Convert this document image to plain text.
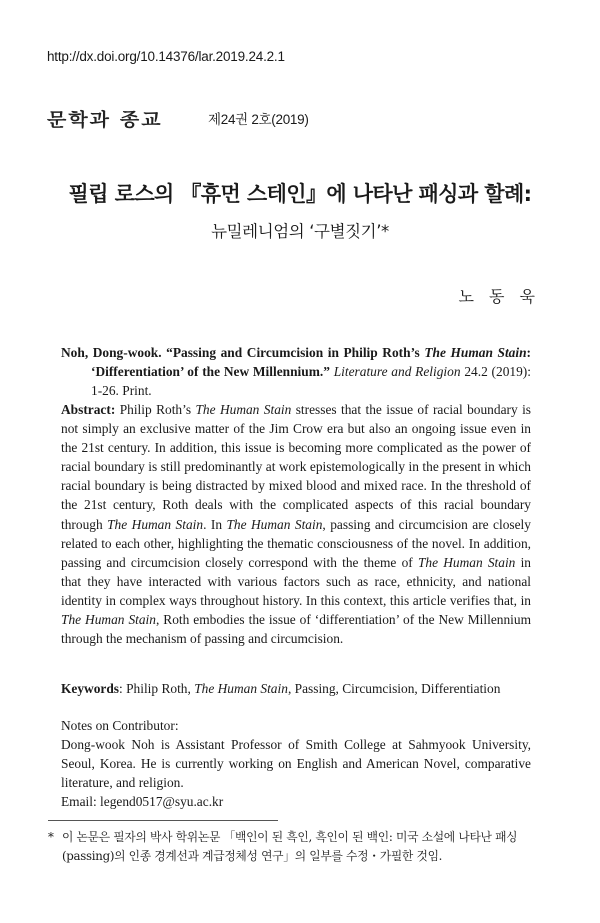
http://dx.doi.org/10.14376/lar.2019.24.2.1
문학과 종교	제24권 2호(2019)
필립 로스의 『휴먼 스테인』에 나타난 패싱과 할례:
뉴밀레니엄의 ‘구별짓기’*
노 동 욱
Noh, Dong-wook. “Passing and Circumcision in Philip Roth’s The Human Stain: ‘Differentiation’ of the New Millennium.” Literature and Religion 24.2 (2019): 1-26. Print.
Abstract: Philip Roth’s The Human Stain stresses that the issue of racial boundary is not simply an exclusive matter of the Jim Crow era but also an ongoing issue even in the 21st century. In addition, this issue is becoming more complicated as the power of racial boundary is still predominantly at work epistemologically in the present in which racial boundary is being distracted by mixed blood and mixed race. In the threshold of the 21st century, Roth deals with the complicated aspects of this racial boundary through The Human Stain. In The Human Stain, passing and circumcision are closely related to each other, highlighting the thematic consciousness of the novel. In addition, passing and circumcision closely correspond with the theme of The Human Stain in that they have interacted with various factors such as race, ethnicity, and national identity in complex ways throughout history. In this context, this article verifies that, in The Human Stain, Roth embodies the issue of ‘differentiation’ of the New Millennium through the mechanism of passing and circumcision.
Keywords: Philip Roth, The Human Stain, Passing, Circumcision, Differentiation

Notes on Contributor:

Dong-wook Noh is Assistant Professor of Smith College at Sahmyook University, Seoul, Korea. He is currently working on English and American Novel, comparative literature, and religion.

Email: legend0517@syu.ac.kr

* 이 논문은 필자의 박사 학위논문 「백인이 된 흑인, 흑인이 된 백인: 미국 소설에 나타난 패싱(passing)의 인종 경계선과 계급정체성 연구」의 일부를 수정・가필한 것임.
